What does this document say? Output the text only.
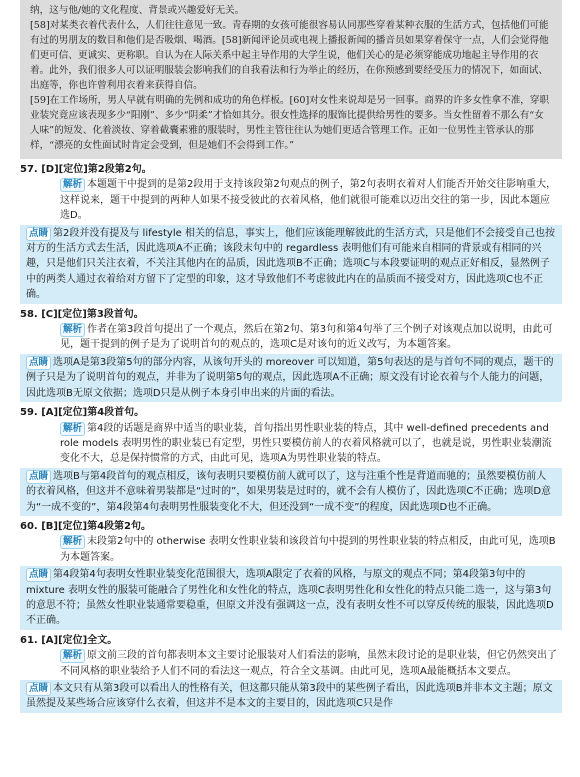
纳，这与他/她的文化程度、背景或兴趣爱好无关。

[58]对某类衣着代表什么，人们往往意见一致。青春期的女孩可能很容易认同那些穿着某种衣服的生活方式，包括他们可能有过的男朋友的数目和他们是否吸烟、喝酒。[58]新闻评论员或电视上播报新闻的播音员如果穿着保守一点，人们会觉得他们更可信、更诚实、更称职。自认为在人际关系中起主导作用的大学生说，他们关心的是必须穿能成功地起主导作用的衣着。此外，我们很多人可以证明服装会影响我们的自我看法和行为举止的经历，在你预感到要经受压力的情况下，如面试、出庭等，你也许曾利用衣着来获得自信。

[59]在工作场所，男人早就有明确的先例和成功的角色样板。[60]对女性来说却是另一回事。商界的许多女性拿不准，穿职业装究竟应该表现多少“阳刚”、多少“阴柔”才恰如其分。很女性选择的服饰比提供给男性的要多。当女性留着不那么有“女人味”的短发、化着淡妆、穿着截囊素雅的服装时，男性主管往往认为她们更适合管理工作。正如一位男性主管承认的那样，“漂亮的女性面试时肯定会受到，但是她们不会得到工作。”

57. [D][定位]第2段第2句。
解析 本题题干中提到的是第2段用于支持该段第2句观点的例子，第2句表明衣着对人们能否开始交往影响重大，这样说来，题干中提到的两种人如果不接受彼此的衣着风格，他们就很可能难以迈出交往的第一步，因此本题应选D。
点睛 第2段并没有提及与 lifestyle 相关的信息，事实上，他们应该能理解彼此的生活方式，只是他们不会接受自己也按对方的生活方式去生活，因此选项A不正确；该段末句中的 regardless 表明他们有可能来自相同的背景或有相同的兴趣，只是他们只关注衣着，不关注其他内在的品质，因此选项B不正确；选项C与本段要证明的观点正好相反，显然例子中的两类人通过衣着给对方留下了定型的印象，这才导致他们不考虑彼此内在的品质而不接受对方，因此选项C也不正确。
58. [C][定位]第3段首句。
解析 作者在第3段首句提出了一个观点，然后在第2句、第3句和第4句举了三个例子对该观点加以说明，由此可见，题干提到的例子是为了说明首句的观点的，选项C是对该句的近义改写，为本题答案。
点睛 选项A是第3段第5句的部分内容，从该句开头的 moreover 可以知道，第5句表达的是与首句不同的观点，题干的例子只是为了说明首句的观点，并非为了说明第5句的观点，因此选项A不正确；原文没有讨论衣着与个人能力的问题，因此选项B无原文依据；选项D只是从例子本身引申出来的片面的看法。
59. [A][定位]第4段首句。
解析 第4段的话题是商界中适当的职业装，首句指出男性职业装的特点，其中 well-defined precedents and role models 表明男性的职业装已有定型，男性只要模仿前人的衣着风格就可以了，也就是说，男性职业装潮流变化不大，总是保持惯常的方式，由此可见，选项A为男性职业装的特点。
点睛 选项B与第4段首句的观点相反，该句表明只要模仿前人就可以了，这与注重个性是背道而驰的；虽然要模仿前人的衣着风格，但这并不意味着男装都是“过时的”，如果男装是过时的，就不会有人模仿了，因此选项C不正确；选项D意为“一成不变的”，第4段第4句表明男性服装变化不大，但还没到“一成不变”的程度，因此选项D也不正确。
60. [B][定位]第4段第2句。
解析 末段第2句中的 otherwise 表明女性职业装和该段首句中提到的男性职业装的特点相反，由此可见，选项B为本题答案。
点睛 第4段第4句表明女性职业装变化范围很大，选项A限定了衣着的风格，与原文的观点不同；第4段第3句中的 mixture 表明女性的服装可能融合了男性化和女性化的特点，选项C表明男性化和女性化的特点只能二选一，这与第3句的意思不符；虽然女性职业装通常要稳重，但原文并没有强调这一点，没有表明女性不可以穿反传统的服装，因此选项D不正确。
61. [A][定位]全文。
解析 原文前三段的首句都表明本文主要讨论服装对人们看法的影响，虽然末段讨论的是职业装，但它仍然突出了不同风格的职业装给予人们不同的看法这一观点，符合全文基调。由此可见，选项A最能概括本文要点。
点睛 本文只有从第3段可以看出人的性格有关，但这都只能从第3段中的某些例子看出，因此选项B并非本文主题；原文虽然提及某些场合应该穿什么衣着，但这并不是本文的主要目的，因此选项C只是作
